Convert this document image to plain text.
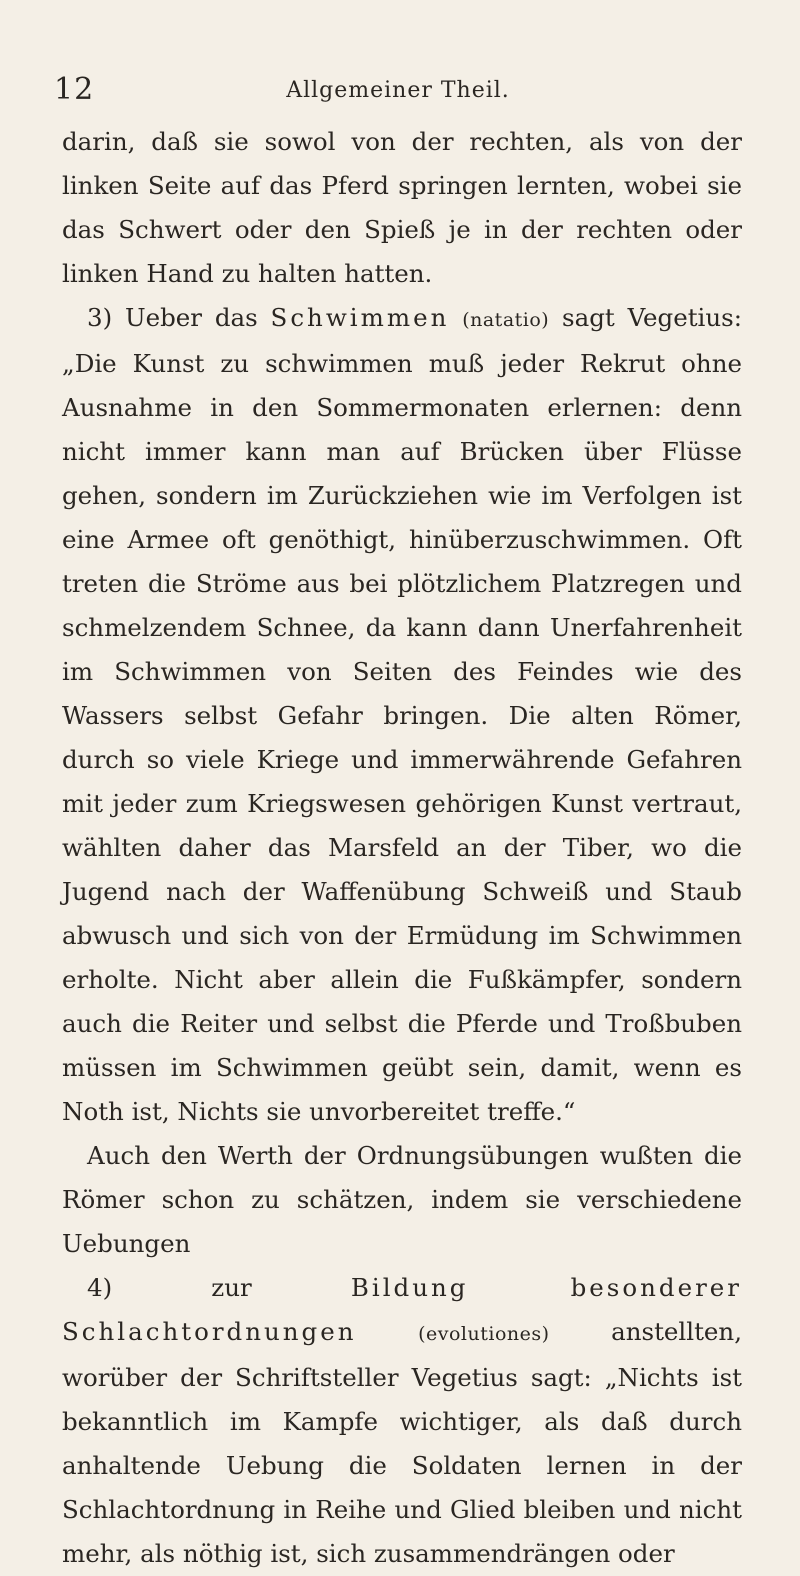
12	Allgemeiner Theil.

darin, daß sie sowol von der rechten, als von der linken Seite auf das Pferd springen lernten, wobei sie das Schwert oder den Spieß je in der rechten oder linken Hand zu halten hatten.

3) Ueber das Schwimmen (natatio) sagt Vegetius: „Die Kunst zu schwimmen muß jeder Rekrut ohne Ausnahme in den Sommermonaten erlernen: denn nicht immer kann man auf Brücken über Flüsse gehen, sondern im Zurückziehen wie im Verfolgen ist eine Armee oft genöthigt, hinüberzuschwimmen. Oft treten die Ströme aus bei plötzlichem Platzregen und schmelzendem Schnee, da kann dann Unerfahrenheit im Schwimmen von Seiten des Feindes wie des Wassers selbst Gefahr bringen. Die alten Römer, durch so viele Kriege und immerwährende Gefahren mit jeder zum Kriegswesen gehörigen Kunst vertraut, wählten daher das Marsfeld an der Tiber, wo die Jugend nach der Waffenübung Schweiß und Staub abwusch und sich von der Ermüdung im Schwimmen erholte. Nicht aber allein die Fußkämpfer, sondern auch die Reiter und selbst die Pferde und Troßbuben müssen im Schwimmen geübt sein, damit, wenn es Noth ist, Nichts sie unvorbereitet treffe.“

Auch den Werth der Ordnungsübungen wußten die Römer schon zu schätzen, indem sie verschiedene Uebungen

4) zur	Bildung besonderer Schlachtordnungen	(evolutiones)	anstellten, worüber der Schriftsteller Vegetius sagt: „Nichts ist bekanntlich im Kampfe wichtiger, als daß durch anhaltende Uebung die Soldaten lernen in der Schlachtordnung in Reihe und Glied bleiben und nicht mehr, als nöthig ist, sich zusammendrängen oder
